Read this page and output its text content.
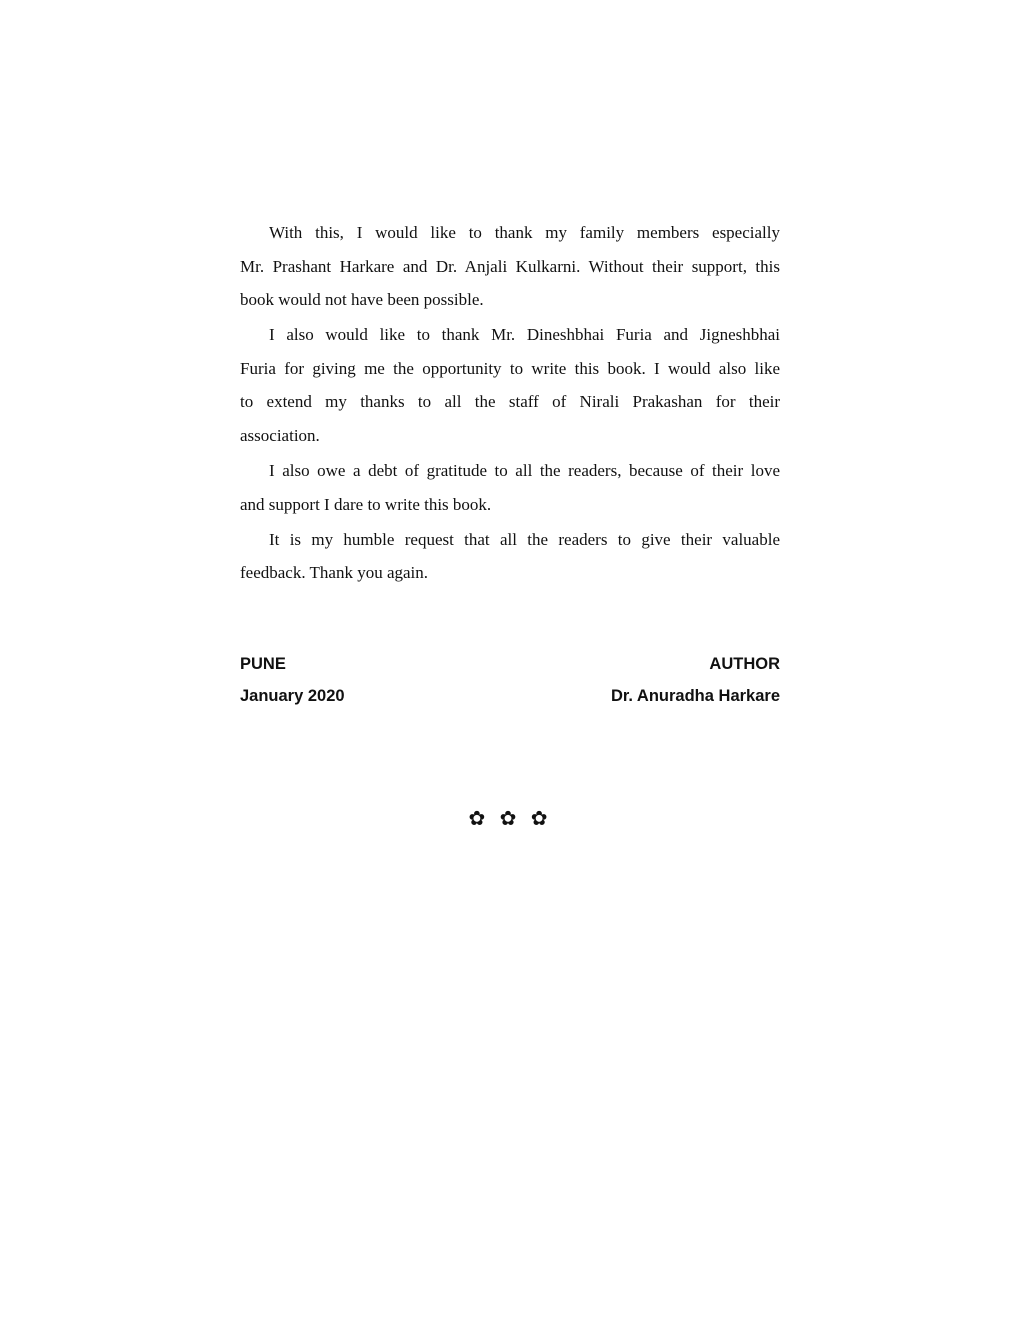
With this, I would like to thank my family members especially
Mr. Prashant Harkare and Dr. Anjali Kulkarni. Without their support, this
book would not have been possible.

I also would like to thank Mr. Dineshbhai Furia and Jigneshbhai
Furia for giving me the opportunity to write this book. I would also like
to extend my thanks to all the staff of Nirali Prakashan for their
association.

I also owe a debt of gratitude to all the readers, because of their love
and support I dare to write this book.

It is my humble request that all the readers to give their valuable
feedback. Thank you again.

PUNE	AUTHOR
January 2020	Dr. Anuradha Harkare
✿ ✿ ✿
